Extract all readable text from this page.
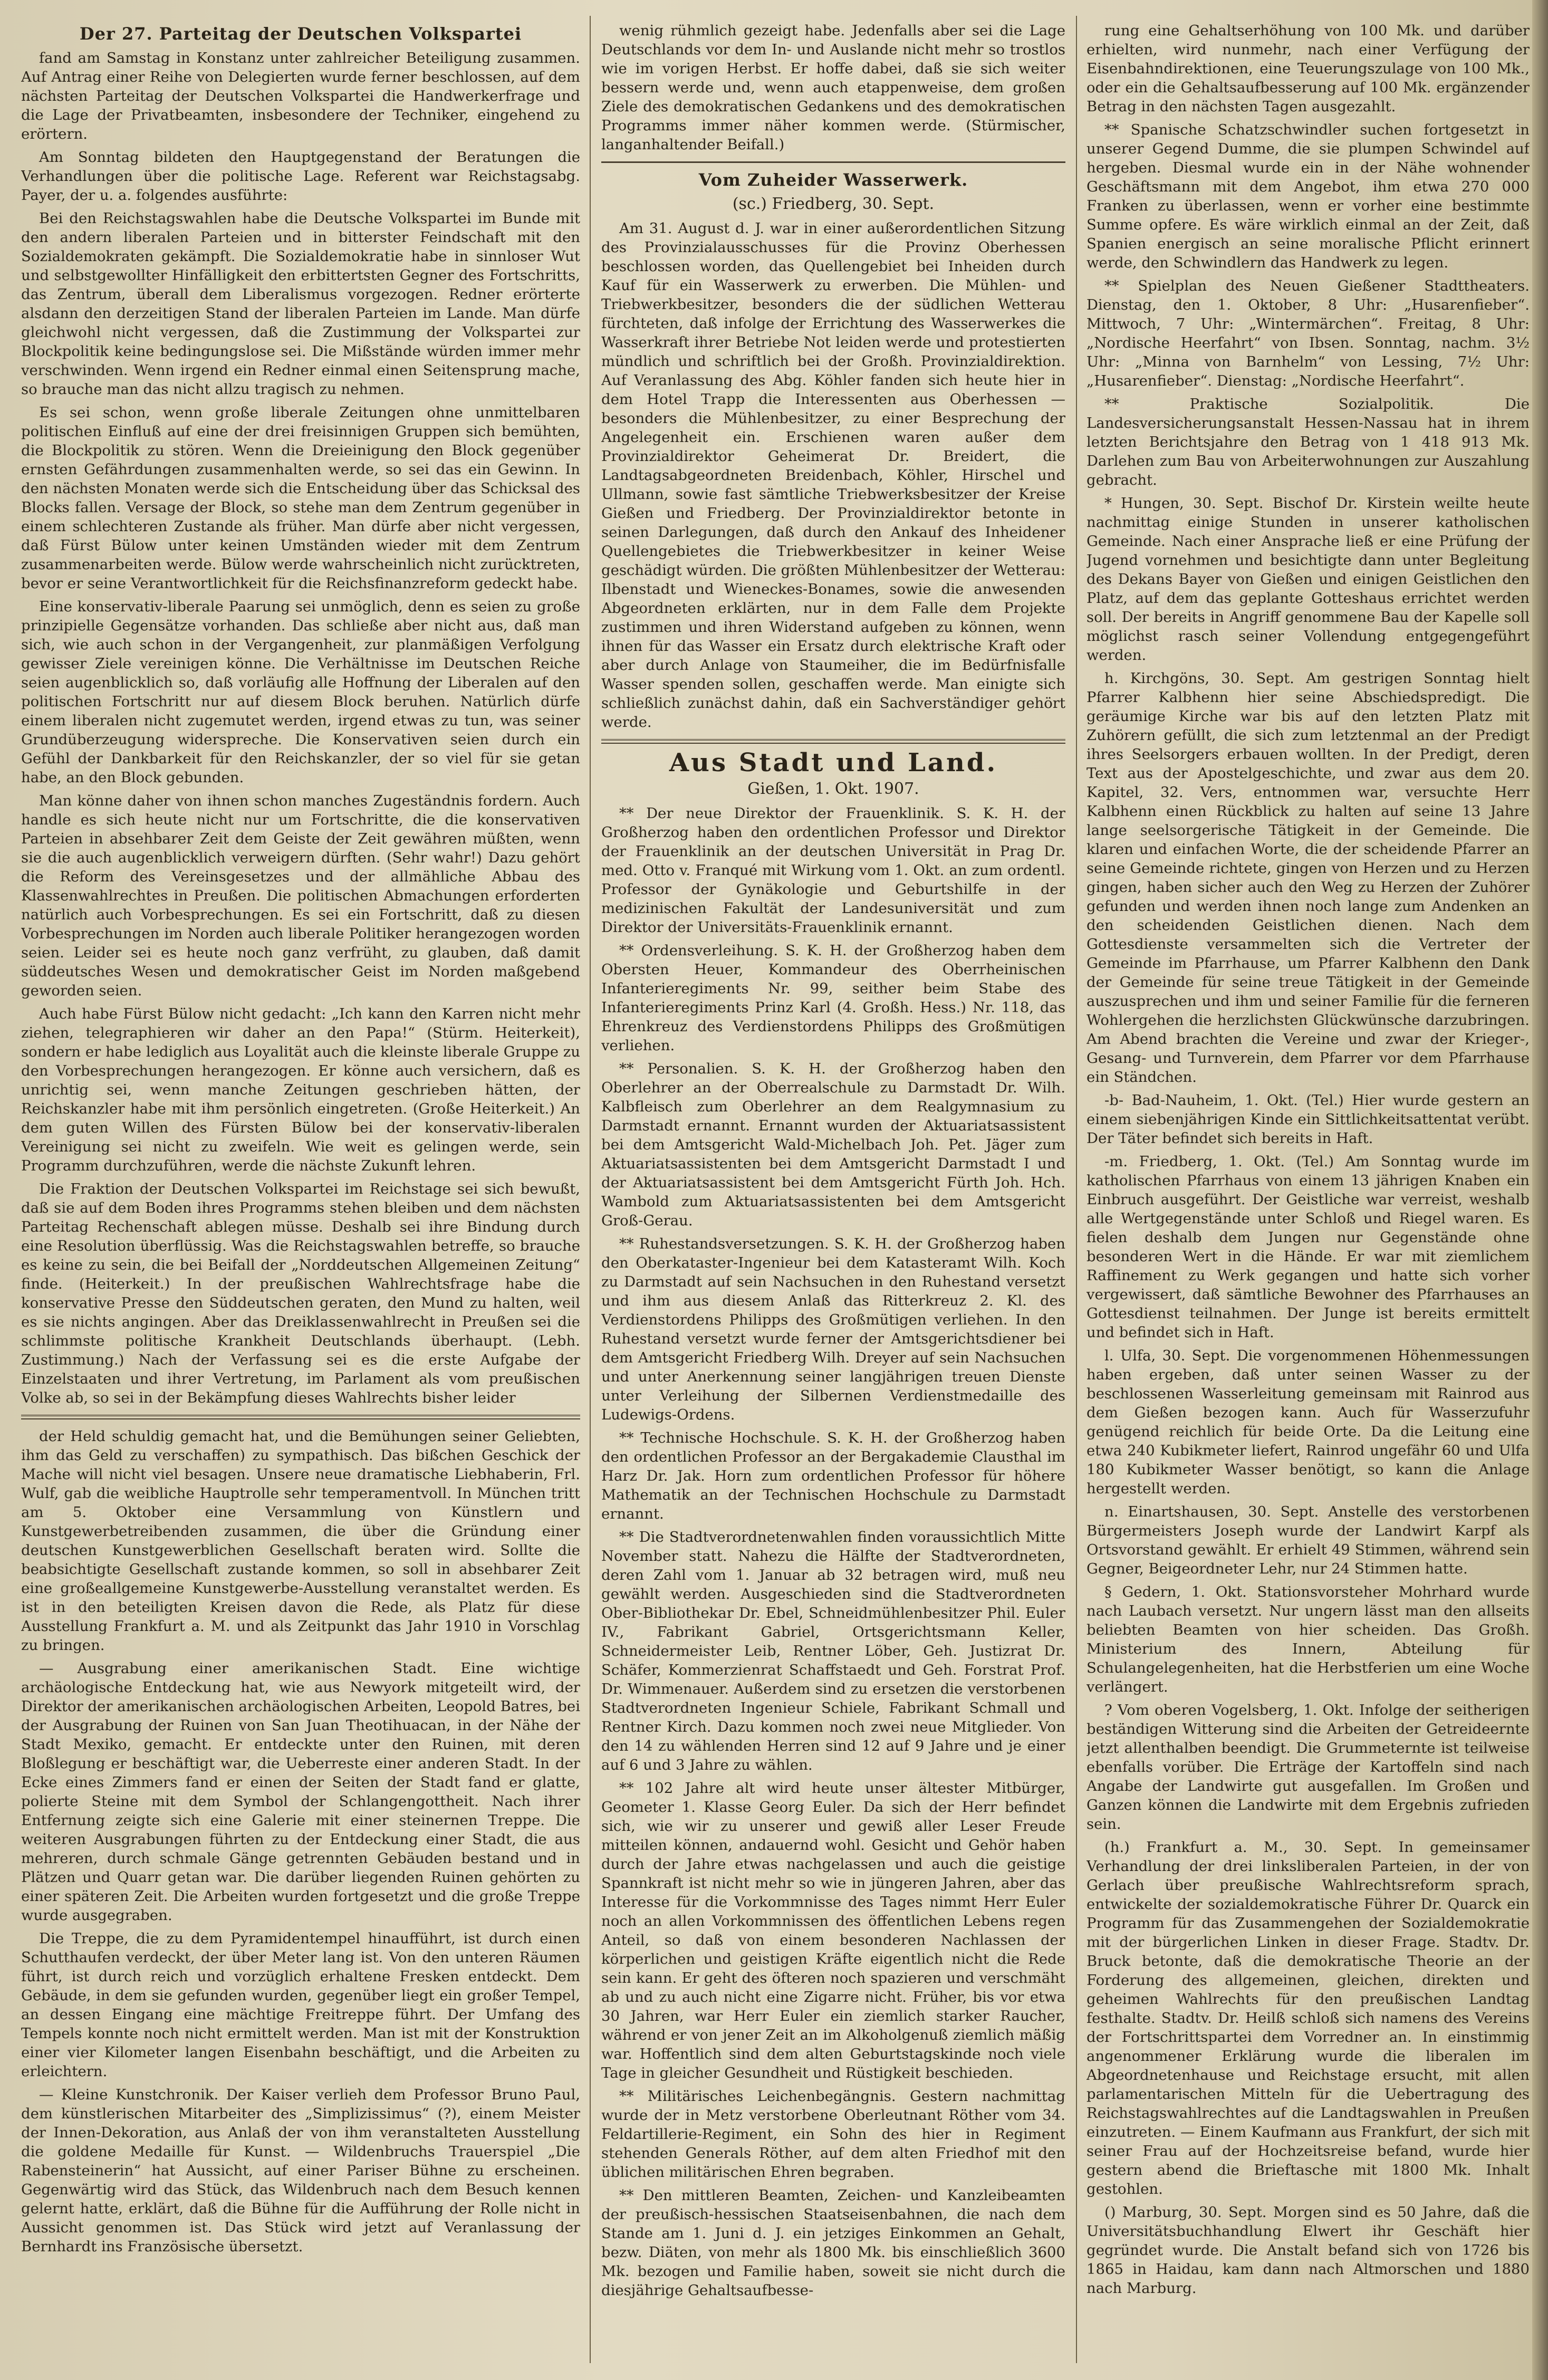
Der 27. Parteitag der Deutschen Volkspartei

fand am Samstag in Konstanz unter zahlreicher Beteiligung zusammen. Auf Antrag einer Reihe von Delegierten wurde ferner beschlossen, auf dem nächsten Parteitag der Deutschen Volkspartei die Handwerkerfrage und die Lage der Privatbeamten, insbesondere der Techniker, eingehend zu erörtern.

Am Sonntag bildeten den Hauptgegenstand der Beratungen die Verhandlungen über die politische Lage. Referent war Reichstagsabg. Payer, der u. a. folgendes ausführte:

Bei den Reichstagswahlen habe die Deutsche Volkspartei im Bunde mit den andern liberalen Parteien und in bitterster Feindschaft mit den Sozialdemokraten gekämpft. Die Sozialdemokratie habe in sinnloser Wut und selbstgewollter Hinfälligkeit den erbittertsten Gegner des Fortschritts, das Zentrum, überall dem Liberalismus vorgezogen. Redner erörterte alsdann den derzeitigen Stand der liberalen Parteien im Lande. Man dürfe gleichwohl nicht vergessen, daß die Zustimmung der Volkspartei zur Blockpolitik keine bedingungslose sei. Die Mißstände würden immer mehr verschwinden. Wenn irgend ein Redner einmal einen Seitensprung mache, so brauche man das nicht allzu tragisch zu nehmen.

Es sei schon, wenn große liberale Zeitungen ohne unmittelbaren politischen Einfluß auf eine der drei freisinnigen Gruppen sich bemühten, die Blockpolitik zu stören. Wenn die Dreieinigung den Block gegenüber ernsten Gefährdungen zusammenhalten werde, so sei das ein Gewinn. In den nächsten Monaten werde sich die Entscheidung über das Schicksal des Blocks fallen. Versage der Block, so stehe man dem Zentrum gegenüber in einem schlechteren Zustande als früher. Man dürfe aber nicht vergessen, daß Fürst Bülow unter keinen Umständen wieder mit dem Zentrum zusammenarbeiten werde. Bülow werde wahrscheinlich nicht zurücktreten, bevor er seine Verantwortlichkeit für die Reichsfinanzreform gedeckt habe.

Eine konservativ-liberale Paarung sei unmöglich, denn es seien zu große prinzipielle Gegensätze vorhanden. Das schließe aber nicht aus, daß man sich, wie auch schon in der Vergangenheit, zur planmäßigen Verfolgung gewisser Ziele vereinigen könne. Die Verhältnisse im Deutschen Reiche seien augenblicklich so, daß vorläufig alle Hoffnung der Liberalen auf den politischen Fortschritt nur auf diesem Block beruhen. Natürlich dürfe einem liberalen nicht zugemutet werden, irgend etwas zu tun, was seiner Grundüberzeugung widerspreche. Die Konservativen seien durch ein Gefühl der Dankbarkeit für den Reichskanzler, der so viel für sie getan habe, an den Block gebunden.

Man könne daher von ihnen schon manches Zugeständnis fordern. Auch handle es sich heute nicht nur um Fortschritte, die die konservativen Parteien in absehbarer Zeit dem Geiste der Zeit gewähren müßten, wenn sie die auch augenblicklich verweigern dürften. (Sehr wahr!) Dazu gehört die Reform des Vereinsgesetzes und der allmähliche Abbau des Klassenwahlrechtes in Preußen. Die politischen Abmachungen erforderten natürlich auch Vorbesprechungen. Es sei ein Fortschritt, daß zu diesen Vorbesprechungen im Norden auch liberale Politiker herangezogen worden seien. Leider sei es heute noch ganz verfrüht, zu glauben, daß damit süddeutsches Wesen und demokratischer Geist im Norden maßgebend geworden seien.

Auch habe Fürst Bülow nicht gedacht: „Ich kann den Karren nicht mehr ziehen, telegraphieren wir daher an den Papa!“ (Stürm. Heiterkeit), sondern er habe lediglich aus Loyalität auch die kleinste liberale Gruppe zu den Vorbesprechungen herangezogen. Er könne auch versichern, daß es unrichtig sei, wenn manche Zeitungen geschrieben hätten, der Reichskanzler habe mit ihm persönlich eingetreten. (Große Heiterkeit.) An dem guten Willen des Fürsten Bülow bei der konservativ-liberalen Vereinigung sei nicht zu zweifeln. Wie weit es gelingen werde, sein Programm durchzuführen, werde die nächste Zukunft lehren.

Die Fraktion der Deutschen Volkspartei im Reichstage sei sich bewußt, daß sie auf dem Boden ihres Programms stehen bleiben und dem nächsten Parteitag Rechenschaft ablegen müsse. Deshalb sei ihre Bindung durch eine Resolution überflüssig. Was die Reichstagswahlen betreffe, so brauche es keine zu sein, die bei Beifall der „Norddeutschen Allgemeinen Zeitung“ finde. (Heiterkeit.) In der preußischen Wahlrechtsfrage habe die konservative Presse den Süddeutschen geraten, den Mund zu halten, weil es sie nichts angingen. Aber das Dreiklassenwahlrecht in Preußen sei die schlimmste politische Krankheit Deutschlands überhaupt. (Lebh. Zustimmung.) Nach der Verfassung sei es die erste Aufgabe der Einzelstaaten und ihrer Vertretung, im Parlament als vom preußischen Volke ab, so sei in der Bekämpfung dieses Wahlrechts bisher leider

der Held schuldig gemacht hat, und die Bemühungen seiner Geliebten, ihm das Geld zu verschaffen) zu sympathisch. Das bißchen Geschick der Mache will nicht viel besagen. Unsere neue dramatische Liebhaberin, Frl. Wulf, gab die weibliche Hauptrolle sehr temperamentvoll. In München tritt am 5. Oktober eine Versammlung von Künstlern und Kunstgewerbetreibenden zusammen, die über die Gründung einer deutschen Kunstgewerblichen Gesellschaft beraten wird. Sollte die beabsichtigte Gesellschaft zustande kommen, so soll in absehbarer Zeit eine großeallgemeine Kunstgewerbe-Ausstellung veranstaltet werden. Es ist in den beteiligten Kreisen davon die Rede, als Platz für diese Ausstellung Frankfurt a. M. und als Zeitpunkt das Jahr 1910 in Vorschlag zu bringen.

— Ausgrabung einer amerikanischen Stadt. Eine wichtige archäologische Entdeckung hat, wie aus Newyork mitgeteilt wird, der Direktor der amerikanischen archäologischen Arbeiten, Leopold Batres, bei der Ausgrabung der Ruinen von San Juan Theotihuacan, in der Nähe der Stadt Mexiko, gemacht. Er entdeckte unter den Ruinen, mit deren Bloßlegung er beschäftigt war, die Ueberreste einer anderen Stadt. In der Ecke eines Zimmers fand er einen der Seiten der Stadt fand er glatte, polierte Steine mit dem Symbol der Schlangengottheit. Nach ihrer Entfernung zeigte sich eine Galerie mit einer steinernen Treppe. Die weiteren Ausgrabungen führten zu der Entdeckung einer Stadt, die aus mehreren, durch schmale Gänge getrennten Gebäuden bestand und in Plätzen und Quarr getan war. Die darüber liegenden Ruinen gehörten zu einer späteren Zeit. Die Arbeiten wurden fortgesetzt und die große Treppe wurde ausgegraben.

Die Treppe, die zu dem Pyramidentempel hinaufführt, ist durch einen Schutthaufen verdeckt, der über Meter lang ist. Von den unteren Räumen führt, ist durch reich und vorzüglich erhaltene Fresken entdeckt. Dem Gebäude, in dem sie gefunden wurden, gegenüber liegt ein großer Tempel, an dessen Eingang eine mächtige Freitreppe führt. Der Umfang des Tempels konnte noch nicht ermittelt werden. Man ist mit der Konstruktion einer vier Kilometer langen Eisenbahn beschäftigt, und die Arbeiten zu erleichtern.

— Kleine Kunstchronik. Der Kaiser verlieh dem Professor Bruno Paul, dem künstlerischen Mitarbeiter des „Simplizissimus“ (?), einem Meister der Innen-Dekoration, aus Anlaß der von ihm veranstalteten Ausstellung die goldene Medaille für Kunst. — Wildenbruchs Trauerspiel „Die Rabensteinerin“ hat Aussicht, auf einer Pariser Bühne zu erscheinen. Gegenwärtig wird das Stück, das Wildenbruch nach dem Besuch kennen gelernt hatte, erklärt, daß die Bühne für die Aufführung der Rolle nicht in Aussicht genommen ist. Das Stück wird jetzt auf Veranlassung der Bernhardt ins Französische übersetzt.

wenig rühmlich gezeigt habe. Jedenfalls aber sei die Lage Deutschlands vor dem In- und Auslande nicht mehr so trostlos wie im vorigen Herbst. Er hoffe dabei, daß sie sich weiter bessern werde und, wenn auch etappenweise, dem großen Ziele des demokratischen Gedankens und des demokratischen Programms immer näher kommen werde. (Stürmischer, langanhaltender Beifall.)

Vom Zuheider Wasserwerk.

(sc.) Friedberg, 30. Sept.

Am 31. August d. J. war in einer außerordentlichen Sitzung des Provinzialausschusses für die Provinz Oberhessen beschlossen worden, das Quellengebiet bei Inheiden durch Kauf für ein Wasserwerk zu erwerben. Die Mühlen- und Triebwerkbesitzer, besonders die der südlichen Wetterau fürchteten, daß infolge der Errichtung des Wasserwerkes die Wasserkraft ihrer Betriebe Not leiden werde und protestierten mündlich und schriftlich bei der Großh. Provinzialdirektion. Auf Veranlassung des Abg. Köhler fanden sich heute hier in dem Hotel Trapp die Interessenten aus Oberhessen — besonders die Mühlenbesitzer, zu einer Besprechung der Angelegenheit ein. Erschienen waren außer dem Provinzialdirektor Geheimerat Dr. Breidert, die Landtagsabgeordneten Breidenbach, Köhler, Hirschel und Ullmann, sowie fast sämtliche Triebwerksbesitzer der Kreise Gießen und Friedberg. Der Provinzialdirektor betonte in seinen Darlegungen, daß durch den Ankauf des Inheidener Quellengebietes die Triebwerkbesitzer in keiner Weise geschädigt würden. Die größten Mühlenbesitzer der Wetterau: Ilbenstadt und Wieneckes-Bonames, sowie die anwesenden Abgeordneten erklärten, nur in dem Falle dem Projekte zustimmen und ihren Widerstand aufgeben zu können, wenn ihnen für das Wasser ein Ersatz durch elektrische Kraft oder aber durch Anlage von Staumeiher, die im Bedürfnisfalle Wasser spenden sollen, geschaffen werde. Man einigte sich schließlich zunächst dahin, daß ein Sachverständiger gehört werde.

Aus Stadt und Land.

Gießen, 1. Okt. 1907.

** Der neue Direktor der Frauenklinik. S. K. H. der Großherzog haben den ordentlichen Professor und Direktor der Frauenklinik an der deutschen Universität in Prag Dr. med. Otto v. Franqué mit Wirkung vom 1. Okt. an zum ordentl. Professor der Gynäkologie und Geburtshilfe in der medizinischen Fakultät der Landesuniversität und zum Direktor der Universitäts-Frauenklinik ernannt.

** Ordensverleihung. S. K. H. der Großherzog haben dem Obersten Heuer, Kommandeur des Oberrheinischen Infanterieregiments Nr. 99, seither beim Stabe des Infanterieregiments Prinz Karl (4. Großh. Hess.) Nr. 118, das Ehrenkreuz des Verdienstordens Philipps des Großmütigen verliehen.

** Personalien. S. K. H. der Großherzog haben den Oberlehrer an der Oberrealschule zu Darmstadt Dr. Wilh. Kalbfleisch zum Oberlehrer an dem Realgymnasium zu Darmstadt ernannt. Ernannt wurden der Aktuariatsassistent bei dem Amtsgericht Wald-Michelbach Joh. Pet. Jäger zum Aktuariatsassistenten bei dem Amtsgericht Darmstadt I und der Aktuariatsassistent bei dem Amtsgericht Fürth Joh. Hch. Wambold zum Aktuariatsassistenten bei dem Amtsgericht Groß-Gerau.

** Ruhestandsversetzungen. S. K. H. der Großherzog haben den Oberkataster-Ingenieur bei dem Katasteramt Wilh. Koch zu Darmstadt auf sein Nachsuchen in den Ruhestand versetzt und ihm aus diesem Anlaß das Ritterkreuz 2. Kl. des Verdienstordens Philipps des Großmütigen verliehen. In den Ruhestand versetzt wurde ferner der Amtsgerichtsdiener bei dem Amtsgericht Friedberg Wilh. Dreyer auf sein Nachsuchen und unter Anerkennung seiner langjährigen treuen Dienste unter Verleihung der Silbernen Verdienstmedaille des Ludewigs-Ordens.

** Technische Hochschule. S. K. H. der Großherzog haben den ordentlichen Professor an der Bergakademie Clausthal im Harz Dr. Jak. Horn zum ordentlichen Professor für höhere Mathematik an der Technischen Hochschule zu Darmstadt ernannt.

** Die Stadtverordnetenwahlen finden voraussichtlich Mitte November statt. Nahezu die Hälfte der Stadtverordneten, deren Zahl vom 1. Januar ab 32 betragen wird, muß neu gewählt werden. Ausgeschieden sind die Stadtverordneten Ober-Bibliothekar Dr. Ebel, Schneidmühlenbesitzer Phil. Euler IV., Fabrikant Gabriel, Ortsgerichtsmann Keller, Schneidermeister Leib, Rentner Löber, Geh. Justizrat Dr. Schäfer, Kommerzienrat Schaffstaedt und Geh. Forstrat Prof. Dr. Wimmenauer. Außerdem sind zu ersetzen die verstorbenen Stadtverordneten Ingenieur Schiele, Fabrikant Schmall und Rentner Kirch. Dazu kommen noch zwei neue Mitglieder. Von den 14 zu wählenden Herren sind 12 auf 9 Jahre und je einer auf 6 und 3 Jahre zu wählen.

** 102 Jahre alt wird heute unser ältester Mitbürger, Geometer 1. Klasse Georg Euler. Da sich der Herr befindet sich, wie wir zu unserer und gewiß aller Leser Freude mitteilen können, andauernd wohl. Gesicht und Gehör haben durch der Jahre etwas nachgelassen und auch die geistige Spannkraft ist nicht mehr so wie in jüngeren Jahren, aber das Interesse für die Vorkommnisse des Tages nimmt Herr Euler noch an allen Vorkommnissen des öffentlichen Lebens regen Anteil, so daß von einem besonderen Nachlassen der körperlichen und geistigen Kräfte eigentlich nicht die Rede sein kann. Er geht des öfteren noch spazieren und verschmäht ab und zu auch nicht eine Zigarre nicht. Früher, bis vor etwa 30 Jahren, war Herr Euler ein ziemlich starker Raucher, während er von jener Zeit an im Alkoholgenuß ziemlich mäßig war. Hoffentlich sind dem alten Geburtstagskinde noch viele Tage in gleicher Gesundheit und Rüstigkeit beschieden.

** Militärisches Leichenbegängnis. Gestern nachmittag wurde der in Metz verstorbene Oberleutnant Röther vom 34. Feldartillerie-Regiment, ein Sohn des hier in Regiment stehenden Generals Röther, auf dem alten Friedhof mit den üblichen militärischen Ehren begraben.

** Den mittleren Beamten, Zeichen- und Kanzleibeamten der preußisch-hessischen Staatseisenbahnen, die nach dem Stande am 1. Juni d. J. ein jetziges Einkommen an Gehalt, bezw. Diäten, von mehr als 1800 Mk. bis einschließlich 3600 Mk. bezogen und Familie haben, soweit sie nicht durch die diesjährige Gehaltsaufbesse-

rung eine Gehaltserhöhung von 100 Mk. und darüber erhielten, wird nunmehr, nach einer Verfügung der Eisenbahndirektionen, eine Teuerungszulage von 100 Mk., oder ein die Gehaltsaufbesserung auf 100 Mk. ergänzender Betrag in den nächsten Tagen ausgezahlt.

** Spanische Schatzschwindler suchen fortgesetzt in unserer Gegend Dumme, die sie plumpen Schwindel auf hergeben. Diesmal wurde ein in der Nähe wohnender Geschäftsmann mit dem Angebot, ihm etwa 270 000 Franken zu überlassen, wenn er vorher eine bestimmte Summe opfere. Es wäre wirklich einmal an der Zeit, daß Spanien energisch an seine moralische Pflicht erinnert werde, den Schwindlern das Handwerk zu legen.

** Spielplan des Neuen Gießener Stadttheaters. Dienstag, den 1. Oktober, 8 Uhr: „Husarenfieber“. Mittwoch, 7 Uhr: „Wintermärchen“. Freitag, 8 Uhr: „Nordische Heerfahrt“ von Ibsen. Sonntag, nachm. 3½ Uhr: „Minna von Barnhelm“ von Lessing, 7½ Uhr: „Husarenfieber“. Dienstag: „Nordische Heerfahrt“.

** Praktische Sozialpolitik. Die Landesversicherungsanstalt Hessen-Nassau hat in ihrem letzten Berichtsjahre den Betrag von 1 418 913 Mk. Darlehen zum Bau von Arbeiterwohnungen zur Auszahlung gebracht.

* Hungen, 30. Sept. Bischof Dr. Kirstein weilte heute nachmittag einige Stunden in unserer katholischen Gemeinde. Nach einer Ansprache ließ er eine Prüfung der Jugend vornehmen und besichtigte dann unter Begleitung des Dekans Bayer von Gießen und einigen Geistlichen den Platz, auf dem das geplante Gotteshaus errichtet werden soll. Der bereits in Angriff genommene Bau der Kapelle soll möglichst rasch seiner Vollendung entgegengeführt werden.

h. Kirchgöns, 30. Sept. Am gestrigen Sonntag hielt Pfarrer Kalbhenn hier seine Abschiedspredigt. Die geräumige Kirche war bis auf den letzten Platz mit Zuhörern gefüllt, die sich zum letztenmal an der Predigt ihres Seelsorgers erbauen wollten. In der Predigt, deren Text aus der Apostelgeschichte, und zwar aus dem 20. Kapitel, 32. Vers, entnommen war, versuchte Herr Kalbhenn einen Rückblick zu halten auf seine 13 Jahre lange seelsorgerische Tätigkeit in der Gemeinde. Die klaren und einfachen Worte, die der scheidende Pfarrer an seine Gemeinde richtete, gingen von Herzen und zu Herzen gingen, haben sicher auch den Weg zu Herzen der Zuhörer gefunden und werden ihnen noch lange zum Andenken an den scheidenden Geistlichen dienen. Nach dem Gottesdienste versammelten sich die Vertreter der Gemeinde im Pfarrhause, um Pfarrer Kalbhenn den Dank der Gemeinde für seine treue Tätigkeit in der Gemeinde auszusprechen und ihm und seiner Familie für die ferneren Wohlergehen die herzlichsten Glückwünsche darzubringen. Am Abend brachten die Vereine und zwar der Krieger-, Gesang- und Turnverein, dem Pfarrer vor dem Pfarrhause ein Ständchen.

-b- Bad-Nauheim, 1. Okt. (Tel.) Hier wurde gestern an einem siebenjährigen Kinde ein Sittlichkeitsattentat verübt. Der Täter befindet sich bereits in Haft.

-m. Friedberg, 1. Okt. (Tel.) Am Sonntag wurde im katholischen Pfarrhaus von einem 13 jährigen Knaben ein Einbruch ausgeführt. Der Geistliche war verreist, weshalb alle Wertgegenstände unter Schloß und Riegel waren. Es fielen deshalb dem Jungen nur Gegenstände ohne besonderen Wert in die Hände. Er war mit ziemlichem Raffinement zu Werk gegangen und hatte sich vorher vergewissert, daß sämtliche Bewohner des Pfarrhauses an Gottesdienst teilnahmen. Der Junge ist bereits ermittelt und befindet sich in Haft.

l. Ulfa, 30. Sept. Die vorgenommenen Höhenmessungen haben ergeben, daß unter seinen Wasser zu der beschlossenen Wasserleitung gemeinsam mit Rainrod aus dem Gießen bezogen kann. Auch für Wasserzufuhr genügend reichlich für beide Orte. Da die Leitung eine etwa 240 Kubikmeter liefert, Rainrod ungefähr 60 und Ulfa 180 Kubikmeter Wasser benötigt, so kann die Anlage hergestellt werden.

n. Einartshausen, 30. Sept. Anstelle des verstorbenen Bürgermeisters Joseph wurde der Landwirt Karpf als Ortsvorstand gewählt. Er erhielt 49 Stimmen, während sein Gegner, Beigeordneter Lehr, nur 24 Stimmen hatte.

§ Gedern, 1. Okt. Stationsvorsteher Mohrhard wurde nach Laubach versetzt. Nur ungern lässt man den allseits beliebten Beamten von hier scheiden. Das Großh. Ministerium des Innern, Abteilung für Schulangelegenheiten, hat die Herbstferien um eine Woche verlängert.

? Vom oberen Vogelsberg, 1. Okt. Infolge der seitherigen beständigen Witterung sind die Arbeiten der Getreideernte jetzt allenthalben beendigt. Die Grummeternte ist teilweise ebenfalls vorüber. Die Erträge der Kartoffeln sind nach Angabe der Landwirte gut ausgefallen. Im Großen und Ganzen können die Landwirte mit dem Ergebnis zufrieden sein.

(h.) Frankfurt a. M., 30. Sept. In gemeinsamer Verhandlung der drei linksliberalen Parteien, in der von Gerlach über preußische Wahlrechtsreform sprach, entwickelte der sozialdemokratische Führer Dr. Quarck ein Programm für das Zusammengehen der Sozialdemokratie mit der bürgerlichen Linken in dieser Frage. Stadtv. Dr. Bruck betonte, daß die demokratische Theorie an der Forderung des allgemeinen, gleichen, direkten und geheimen Wahlrechts für den preußischen Landtag festhalte. Stadtv. Dr. Heilß schloß sich namens des Vereins der Fortschrittspartei dem Vorredner an. In einstimmig angenommener Erklärung wurde die liberalen im Abgeordnetenhause und Reichstage ersucht, mit allen parlamentarischen Mitteln für die Uebertragung des Reichstagswahlrechtes auf die Landtagswahlen in Preußen einzutreten. — Einem Kaufmann aus Frankfurt, der sich mit seiner Frau auf der Hochzeitsreise befand, wurde hier gestern abend die Brieftasche mit 1800 Mk. Inhalt gestohlen.

() Marburg, 30. Sept. Morgen sind es 50 Jahre, daß die Universitätsbuchhandlung Elwert ihr Geschäft hier gegründet wurde. Die Anstalt befand sich von 1726 bis 1865 in Haidau, kam dann nach Altmorschen und 1880 nach Marburg.
